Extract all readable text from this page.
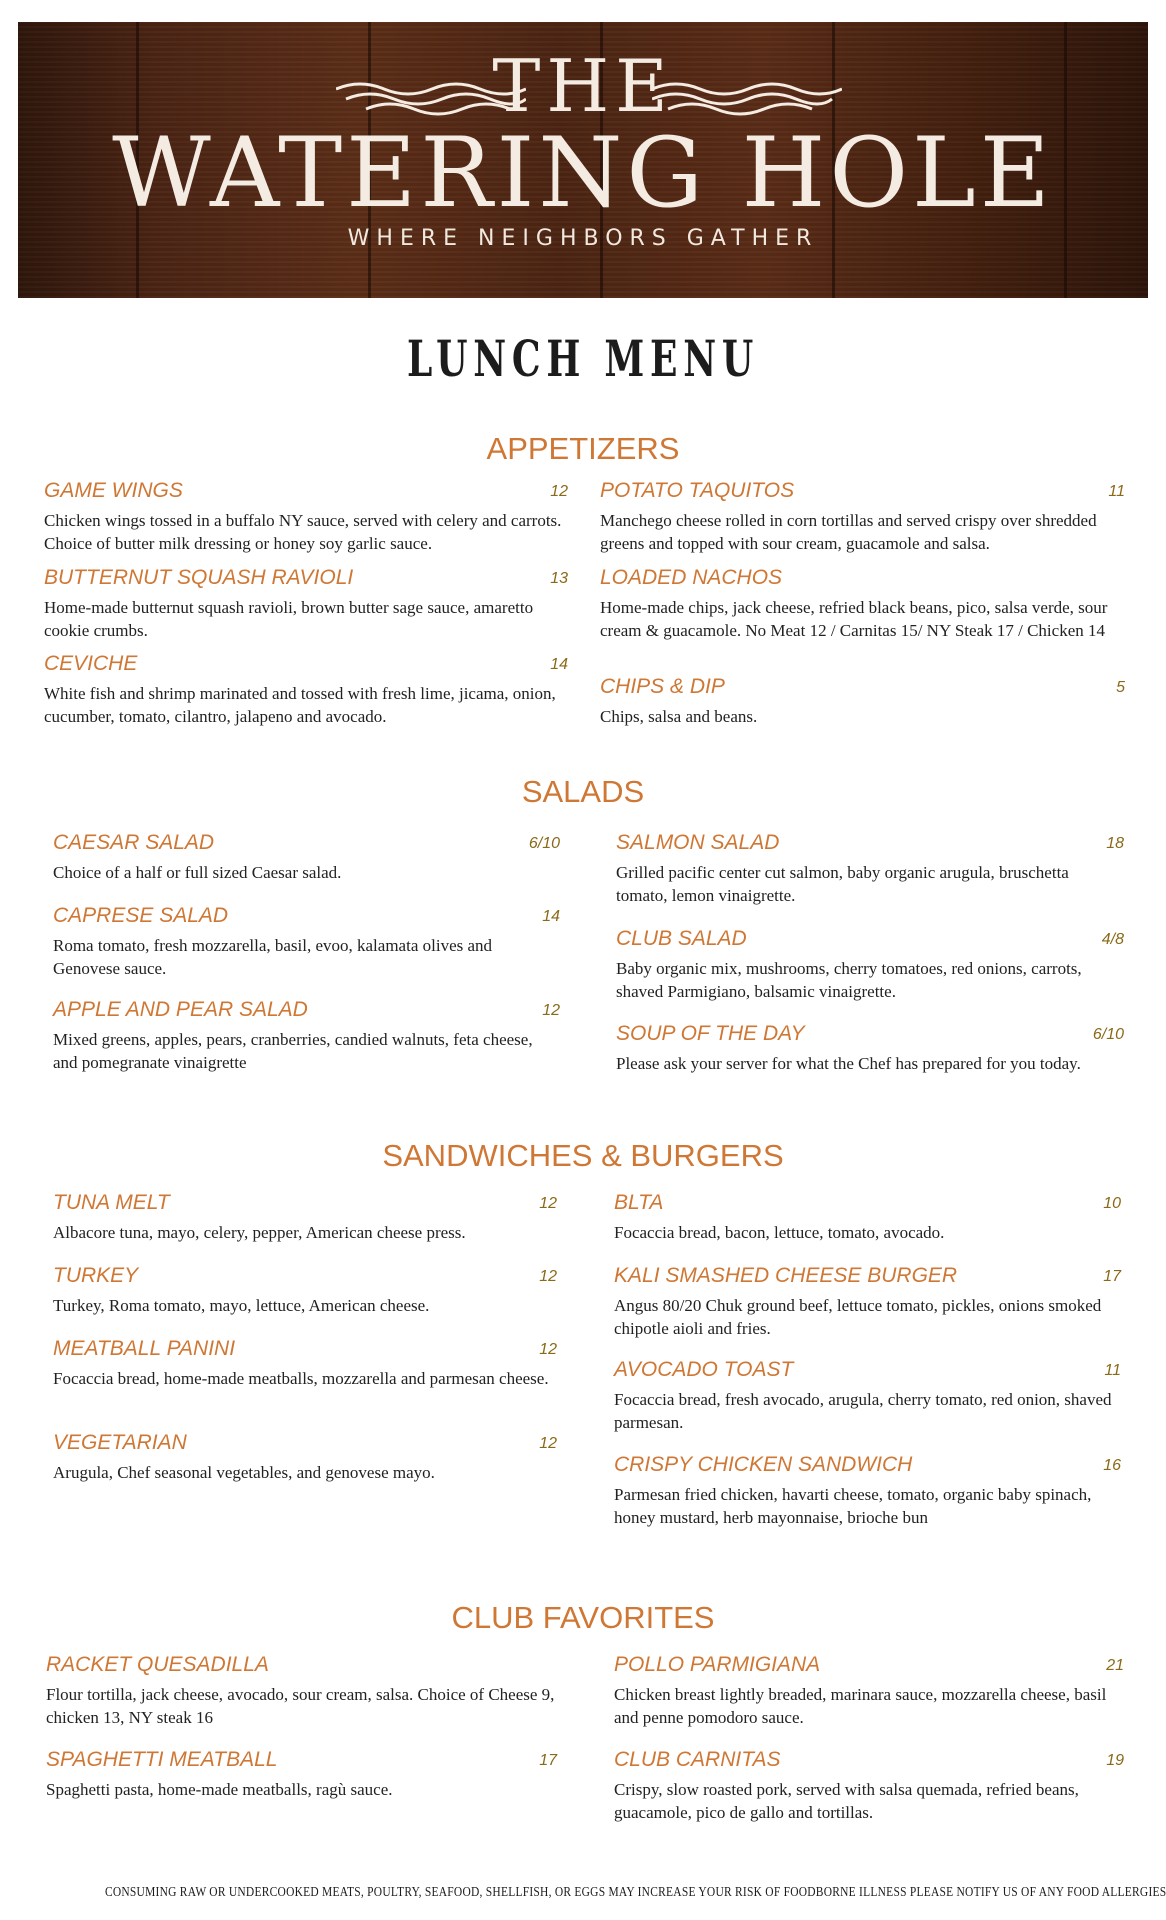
THE
WATERING HOLE
WHERE NEIGHBORS GATHER
LUNCH MENU
APPETIZERS
GAME WINGS	12
Chicken wings tossed in a buffalo NY sauce, served with celery and carrots. Choice of butter milk dressing or honey soy garlic sauce.
BUTTERNUT SQUASH RAVIOLI	13
Home-made butternut squash ravioli, brown butter sage sauce, amaretto cookie crumbs.
CEVICHE	14
White fish and shrimp marinated and tossed with fresh lime, jicama, onion, cucumber, tomato, cilantro, jalapeno and avocado.
POTATO TAQUITOS	11
Manchego cheese rolled in corn tortillas and served crispy over shredded greens and topped with sour cream, guacamole and salsa.
LOADED NACHOS
Home-made chips, jack cheese, refried black beans, pico, salsa verde, sour cream & guacamole. No Meat 12 / Carnitas 15/ NY Steak 17 / Chicken 14
CHIPS & DIP	5
Chips, salsa and beans.
SALADS
CAESAR SALAD	6/10
Choice of a half or full sized Caesar salad.
CAPRESE SALAD	14
Roma tomato, fresh mozzarella, basil, evoo, kalamata olives and Genovese sauce.
APPLE AND PEAR SALAD	12
Mixed greens, apples, pears, cranberries, candied walnuts, feta cheese, and pomegranate vinaigrette
SALMON SALAD	18
Grilled pacific center cut salmon, baby organic arugula, bruschetta tomato, lemon vinaigrette.
CLUB SALAD	4/8
Baby organic mix, mushrooms, cherry tomatoes, red onions, carrots, shaved Parmigiano, balsamic vinaigrette.
SOUP OF THE DAY	6/10
Please ask your server for what the Chef has prepared for you today.
SANDWICHES & BURGERS
TUNA MELT	12
Albacore tuna, mayo, celery, pepper, American cheese press.
TURKEY	12
Turkey, Roma tomato, mayo, lettuce, American cheese.
MEATBALL PANINI	12
Focaccia bread, home-made meatballs, mozzarella and parmesan cheese.
VEGETARIAN	12
Arugula, Chef seasonal vegetables, and genovese mayo.
BLTA	10
Focaccia bread, bacon, lettuce, tomato, avocado.
KALI SMASHED CHEESE BURGER	17
Angus 80/20 Chuk ground beef, lettuce tomato, pickles, onions smoked chipotle aioli and fries.
AVOCADO TOAST	11
Focaccia bread, fresh avocado, arugula, cherry tomato, red onion, shaved parmesan.
CRISPY CHICKEN SANDWICH	16
Parmesan fried chicken, havarti cheese, tomato, organic baby spinach, honey mustard, herb mayonnaise, brioche bun
CLUB FAVORITES
RACKET QUESADILLA
Flour tortilla, jack cheese, avocado, sour cream, salsa. Choice of Cheese 9, chicken 13, NY steak 16
SPAGHETTI MEATBALL	17
Spaghetti pasta, home-made meatballs, ragù sauce.
POLLO PARMIGIANA	21
Chicken breast lightly breaded, marinara sauce, mozzarella cheese, basil and penne pomodoro sauce.
CLUB CARNITAS	19
Crispy, slow roasted pork, served with salsa quemada, refried beans, guacamole, pico de gallo and tortillas.
CONSUMING RAW OR UNDERCOOKED MEATS, POULTRY, SEAFOOD, SHELLFISH, OR EGGS MAY INCREASE YOUR RISK OF FOODBORNE ILLNESS PLEASE NOTIFY US OF ANY FOOD ALLERGIES
